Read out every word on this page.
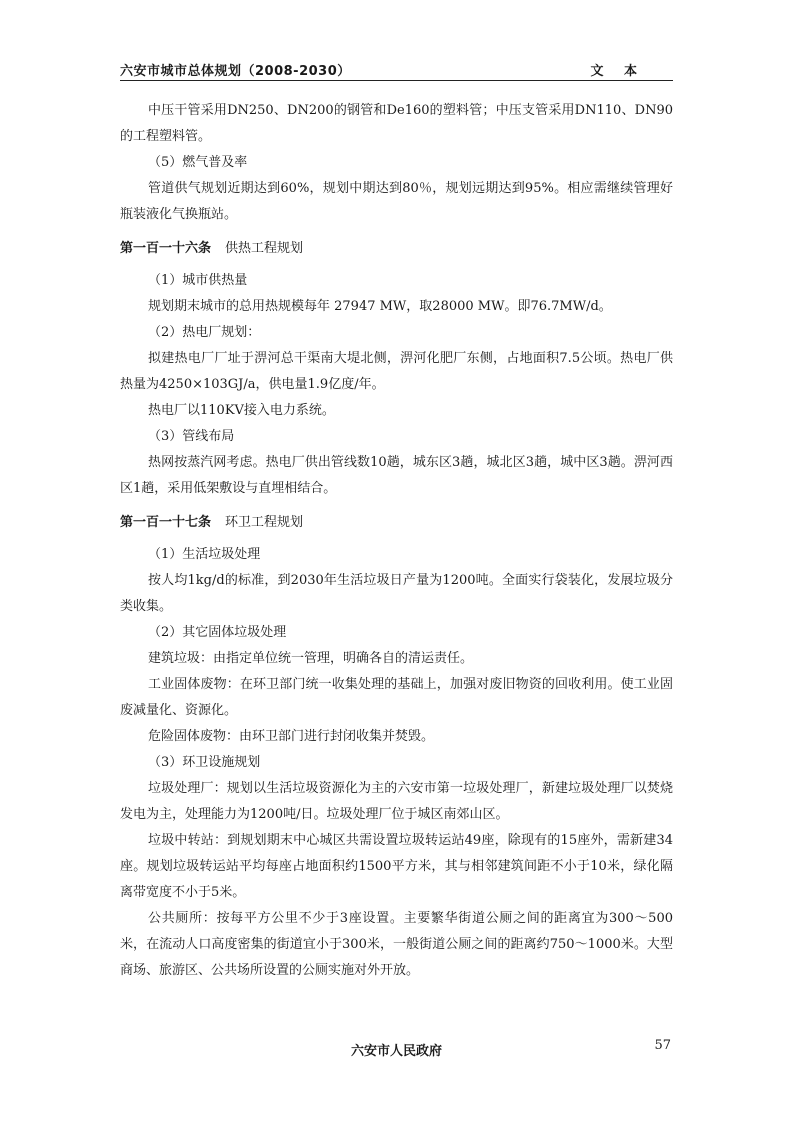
六安市城市总体规划（2008-2030）	文 本

中压干管采用DN250、DN200的钢管和De160的塑料管；中压支管采用DN110、DN90的工程塑料管。

（5）燃气普及率

管道供气规划近期达到60%，规划中期达到80％，规划远期达到95%。相应需继续管理好瓶装液化气换瓶站。

第一百一十六条 供热工程规划

（1）城市供热量

规划期末城市的总用热规模每年 27947 MW，取28000 MW。即76.7MW/d。

（2）热电厂规划：

拟建热电厂厂址于淠河总干渠南大堤北侧，淠河化肥厂东侧，占地面积7.5公顷。热电厂供热量为4250×103GJ/a，供电量1.9亿度/年。

热电厂以110KV接入电力系统。

（3）管线布局

热网按蒸汽网考虑。热电厂供出管线数10趟，城东区3趟，城北区3趟，城中区3趟。淠河西区1趟，采用低架敷设与直埋相结合。

第一百一十七条 环卫工程规划

（1）生活垃圾处理

按人均1kg/d的标准，到2030年生活垃圾日产量为1200吨。全面实行袋装化，发展垃圾分类收集。

（2）其它固体垃圾处理

建筑垃圾：由指定单位统一管理，明确各自的清运责任。

工业固体废物：在环卫部门统一收集处理的基础上，加强对废旧物资的回收利用。使工业固废减量化、资源化。

危险固体废物：由环卫部门进行封闭收集并焚毁。

（3）环卫设施规划

垃圾处理厂：规划以生活垃圾资源化为主的六安市第一垃圾处理厂，新建垃圾处理厂以焚烧发电为主，处理能力为1200吨/日。垃圾处理厂位于城区南郊山区。

垃圾中转站：到规划期末中心城区共需设置垃圾转运站49座，除现有的15座外，需新建34座。规划垃圾转运站平均每座占地面积约1500平方米，其与相邻建筑间距不小于10米，绿化隔离带宽度不小于5米。

公共厕所：按每平方公里不少于3座设置。主要繁华街道公厕之间的距离宜为300～500米，在流动人口高度密集的街道宜小于300米，一般街道公厕之间的距离约750～1000米。大型商场、旅游区、公共场所设置的公厕实施对外开放。

六安市人民政府	57
